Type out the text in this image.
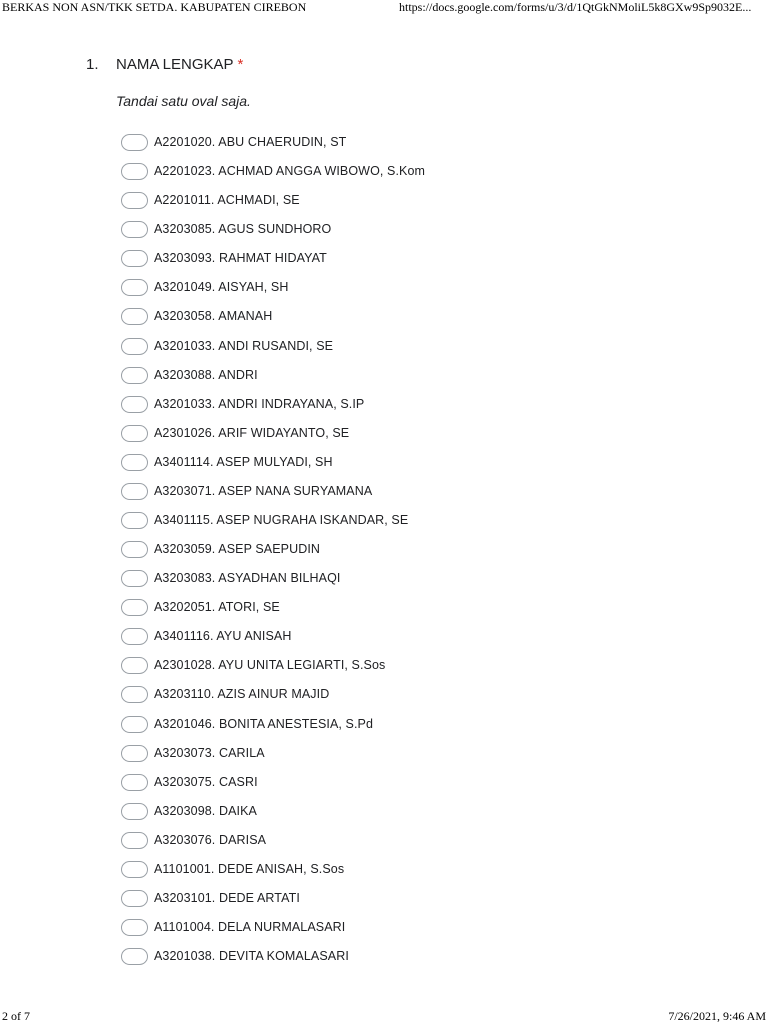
BERKAS NON ASN/TKK SETDA. KABUPATEN CIREBON	https://docs.google.com/forms/u/3/d/1QtGkNMoliL5k8GXw9Sp9032E...
1. NAMA LENGKAP *
Tandai satu oval saja.
A2201020. ABU CHAERUDIN, ST
A2201023. ACHMAD ANGGA WIBOWO, S.Kom
A2201011. ACHMADI, SE
A3203085. AGUS SUNDHORO
A3203093. RAHMAT HIDAYAT
A3201049. AISYAH, SH
A3203058. AMANAH
A3201033. ANDI RUSANDI, SE
A3203088. ANDRI
A3201033. ANDRI INDRAYANA, S.IP
A2301026. ARIF WIDAYANTO, SE
A3401114. ASEP MULYADI, SH
A3203071. ASEP NANA SURYAMANA
A3401115. ASEP NUGRAHA ISKANDAR, SE
A3203059. ASEP SAEPUDIN
A3203083. ASYADHAN BILHAQI
A3202051. ATORI, SE
A3401116. AYU ANISAH
A2301028. AYU UNITA LEGIARTI, S.Sos
A3203110. AZIS AINUR MAJID
A3201046. BONITA ANESTESIA, S.Pd
A3203073. CARILA
A3203075. CASRI
A3203098. DAIKA
A3203076. DARISA
A1101001. DEDE ANISAH, S.Sos
A3203101. DEDE ARTATI
A1101004. DELA NURMALASARI
A3201038. DEVITA KOMALASARI
2 of 7	7/26/2021, 9:46 AM
